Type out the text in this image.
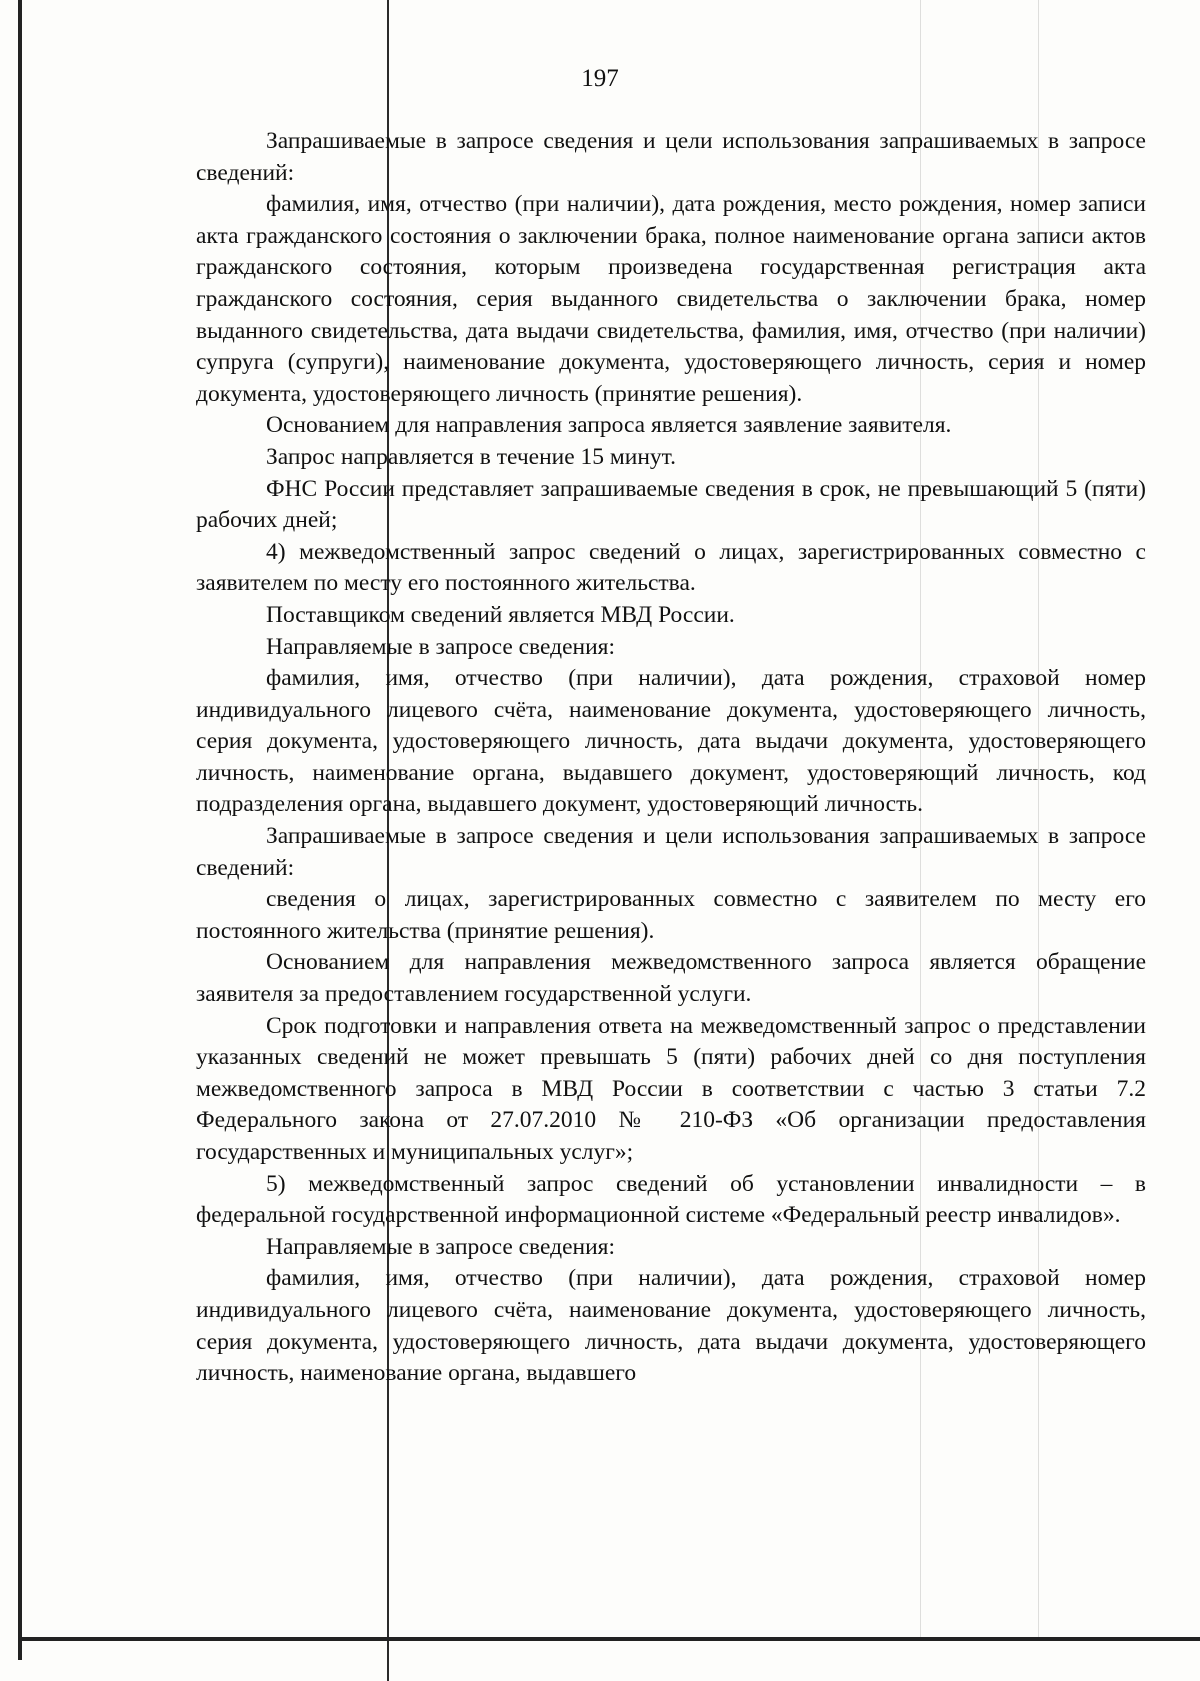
197

Запрашиваемые в запросе сведения и цели использования запрашиваемых в запросе сведений:

фамилия, имя, отчество (при наличии), дата рождения, место рождения, номер записи акта гражданского состояния о заключении брака, полное наименование органа записи актов гражданского состояния, которым произведена государственная регистрация акта гражданского состояния, серия выданного свидетельства о заключении брака, номер выданного свидетельства, дата выдачи свидетельства, фамилия, имя, отчество (при наличии) супруга (супруги), наименование документа, удостоверяющего личность, серия и номер документа, удостоверяющего личность (принятие решения).

Основанием для направления запроса является заявление заявителя.

Запрос направляется в течение 15 минут.

ФНС России представляет запрашиваемые сведения в срок, не превышающий 5 (пяти) рабочих дней;

4) межведомственный запрос сведений о лицах, зарегистрированных совместно с заявителем по месту его постоянного жительства.

Поставщиком сведений является МВД России.

Направляемые в запросе сведения:

фамилия, имя, отчество (при наличии), дата рождения, страховой номер индивидуального лицевого счёта, наименование документа, удостоверяющего личность, серия документа, удостоверяющего личность, дата выдачи документа, удостоверяющего личность, наименование органа, выдавшего документ, удостоверяющий личность, код подразделения органа, выдавшего документ, удостоверяющий личность.

Запрашиваемые в запросе сведения и цели использования запрашиваемых в запросе сведений:

сведения о лицах, зарегистрированных совместно с заявителем по месту его постоянного жительства (принятие решения).

Основанием для направления межведомственного запроса является обращение заявителя за предоставлением государственной услуги.

Срок подготовки и направления ответа на межведомственный запрос о представлении указанных сведений не может превышать 5 (пяти) рабочих дней со дня поступления межведомственного запроса в МВД России в соответствии с частью 3 статьи 7.2 Федерального закона от 27.07.2010 № 210-ФЗ «Об организации предоставления государственных и муниципальных услуг»;

5) межведомственный запрос сведений об установлении инвалидности – в федеральной государственной информационной системе «Федеральный реестр инвалидов».

Направляемые в запросе сведения:

фамилия, имя, отчество (при наличии), дата рождения, страховой номер индивидуального лицевого счёта, наименование документа, удостоверяющего личность, серия документа, удостоверяющего личность, дата выдачи документа, удостоверяющего личность, наименование органа, выдавшего
